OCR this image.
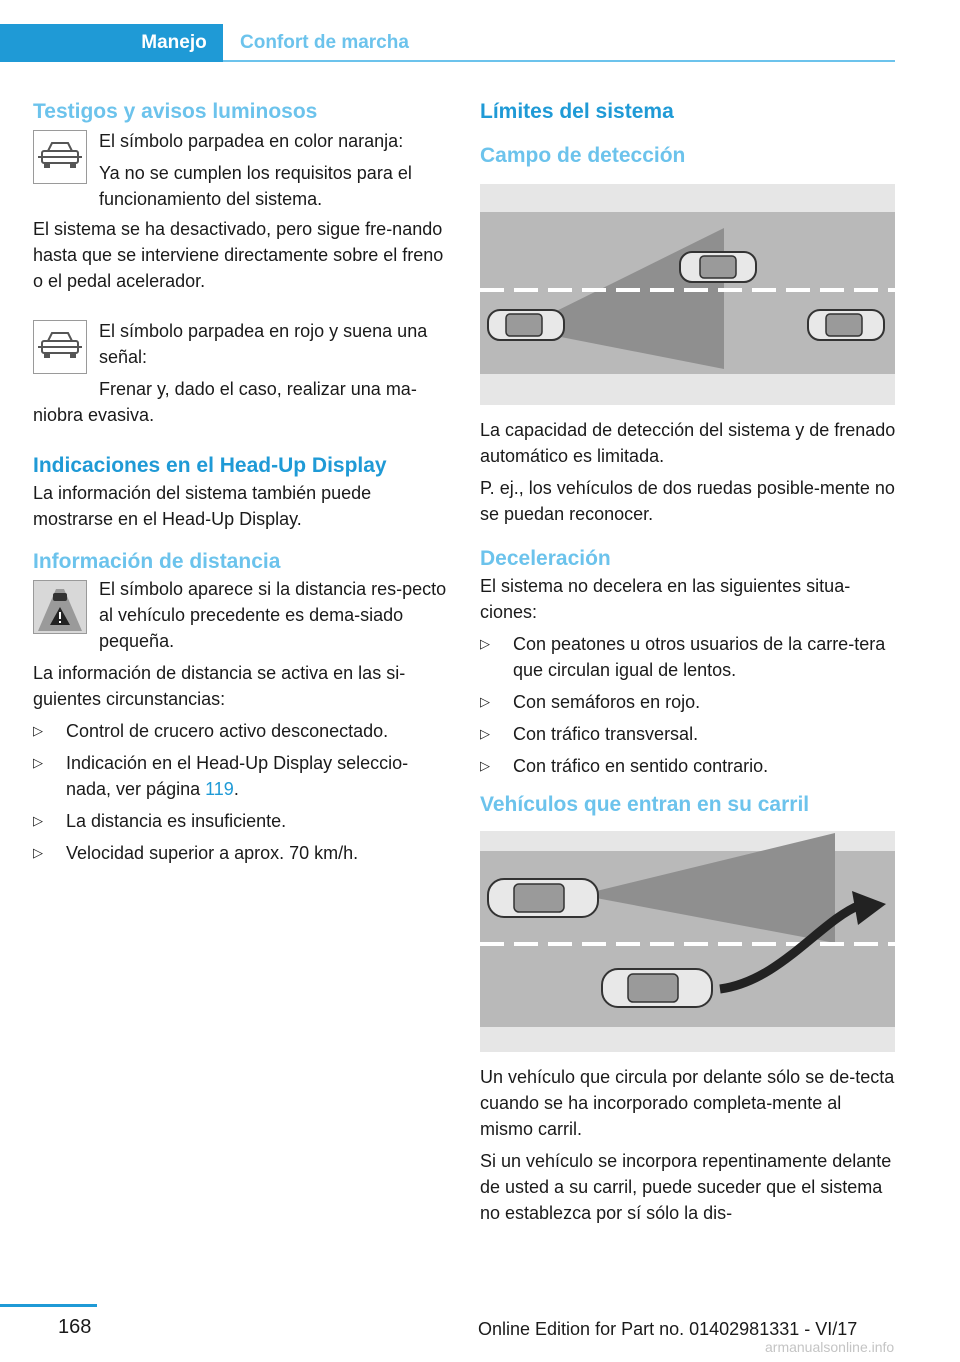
Manejo	Confort de marcha
Testigos y avisos luminosos

El símbolo parpadea en color naranja:

Ya no se cumplen los requisitos para el funcionamiento del sistema.

El sistema se ha desactivado, pero sigue fre‐nando hasta que se interviene directamente sobre el freno o el pedal acelerador.

El símbolo parpadea en rojo y suena una señal:

Frenar y, dado el caso, realizar una ma‐

niobra evasiva.

Indicaciones en el Head-Up Display

La información del sistema también puede mostrarse en el Head-Up Display.

Información de distancia

El símbolo aparece si la distancia res‐pecto al vehículo precedente es dema‐siado pequeña.

La información de distancia se activa en las si‐guientes circunstancias:

▷	Control de crucero activo desconectado.
▷	Indicación en el Head-Up Display seleccio‐nada, ver página 119.
▷	La distancia es insuficiente.
▷	Velocidad superior a aprox. 70 km/h.
Límites del sistema
Campo de detección

La capacidad de detección del sistema y de frenado automático es limitada.

P. ej., los vehículos de dos ruedas posible‐mente no se puedan reconocer.

Deceleración

El sistema no decelera en las siguientes situa‐ciones:

▷	Con peatones u otros usuarios de la carre‐tera que circulan igual de lentos.
▷	Con semáforos en rojo.
▷	Con tráfico transversal.
▷	Con tráfico en sentido contrario.
Vehículos que entran en su carril

Un vehículo que circula por delante sólo se de‐tecta cuando se ha incorporado completa‐mente al mismo carril.

Si un vehículo se incorpora repentinamente delante de usted a su carril, puede suceder que el sistema no establezca por sí sólo la dis‐

168	Online Edition for Part no. 01402981331 - VI/17
armanualsonline.info
